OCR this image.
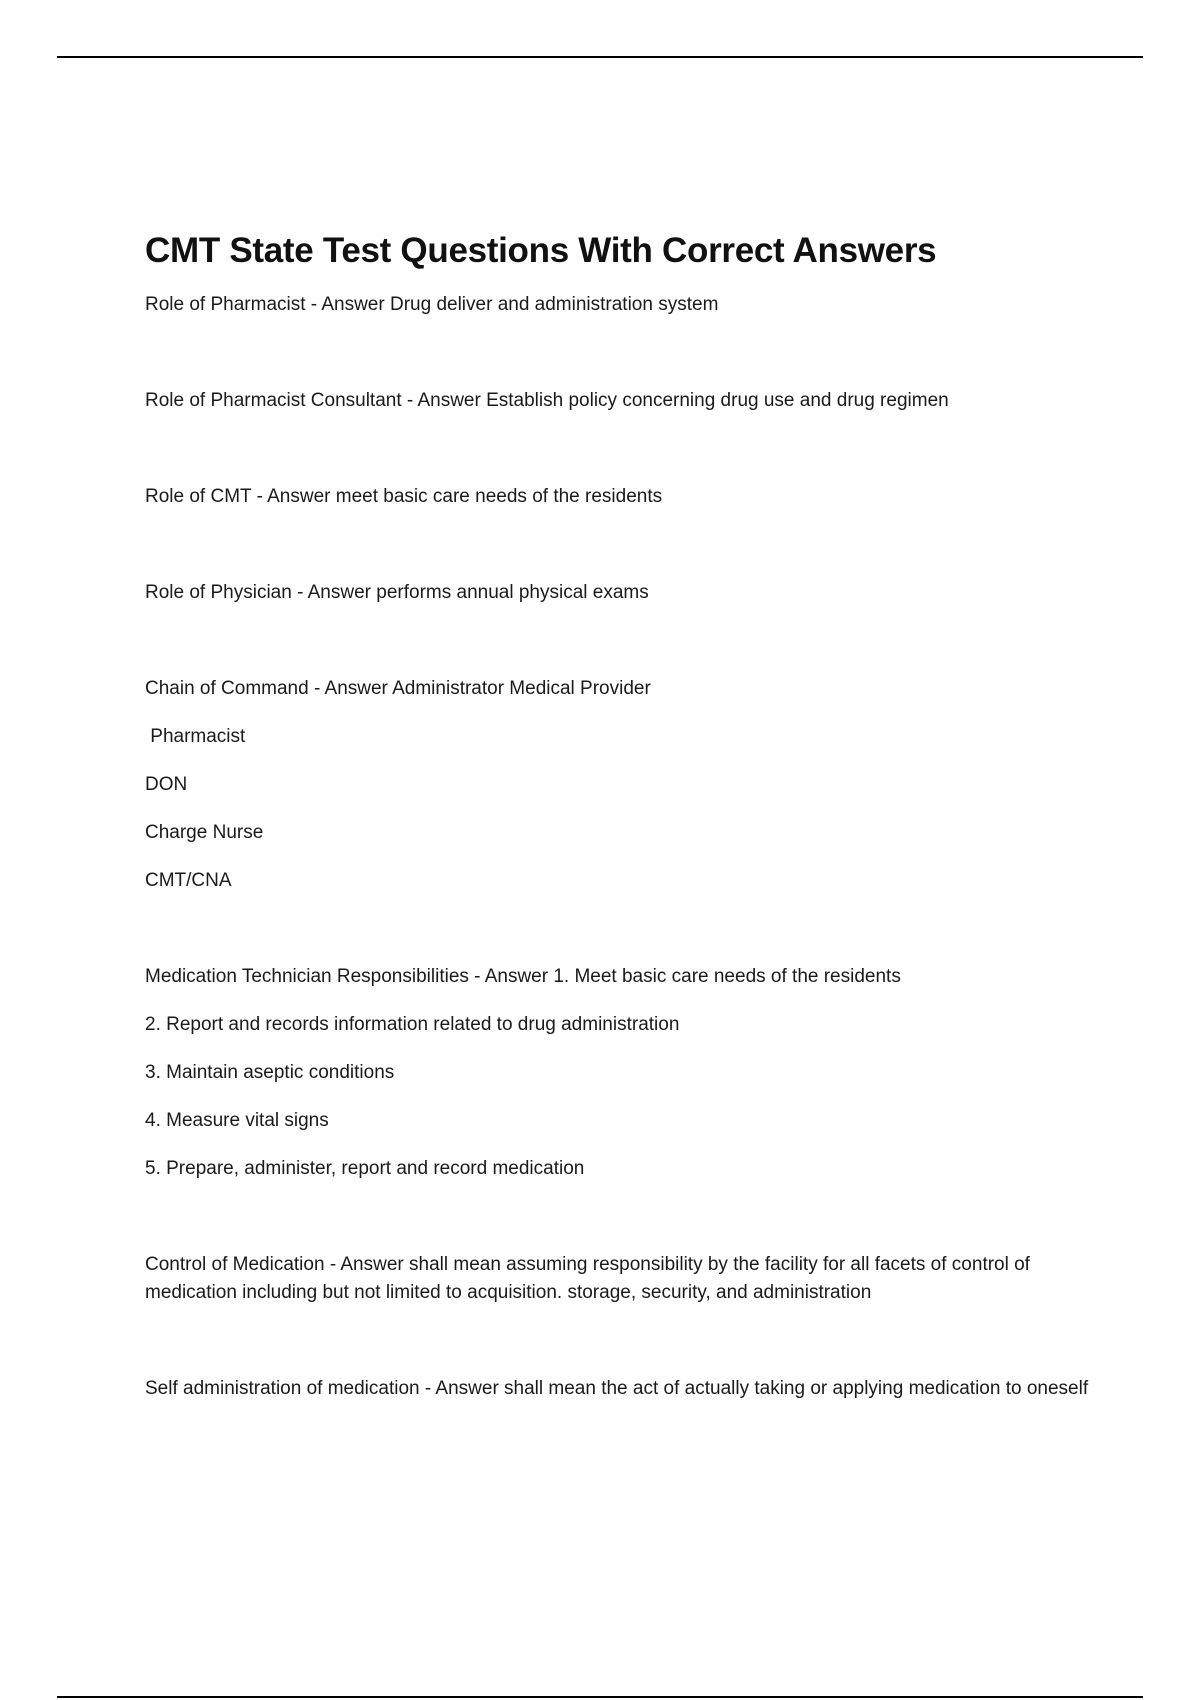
CMT State Test Questions With Correct Answers

Role of Pharmacist - Answer Drug deliver and administration system

Role of Pharmacist Consultant - Answer Establish policy concerning drug use and drug regimen

Role of CMT - Answer meet basic care needs of the residents

Role of Physician - Answer performs annual physical exams

Chain of Command - Answer Administrator Medical Provider

Pharmacist

DON

Charge Nurse

CMT/CNA

Medication Technician Responsibilities - Answer 1. Meet basic care needs of the residents

2. Report and records information related to drug administration

3. Maintain aseptic conditions

4. Measure vital signs

5. Prepare, administer, report and record medication

Control of Medication - Answer shall mean assuming responsibility by the facility for all facets of control of medication including but not limited to acquisition. storage, security, and administration

Self administration of medication - Answer shall mean the act of actually taking or applying medication to oneself
